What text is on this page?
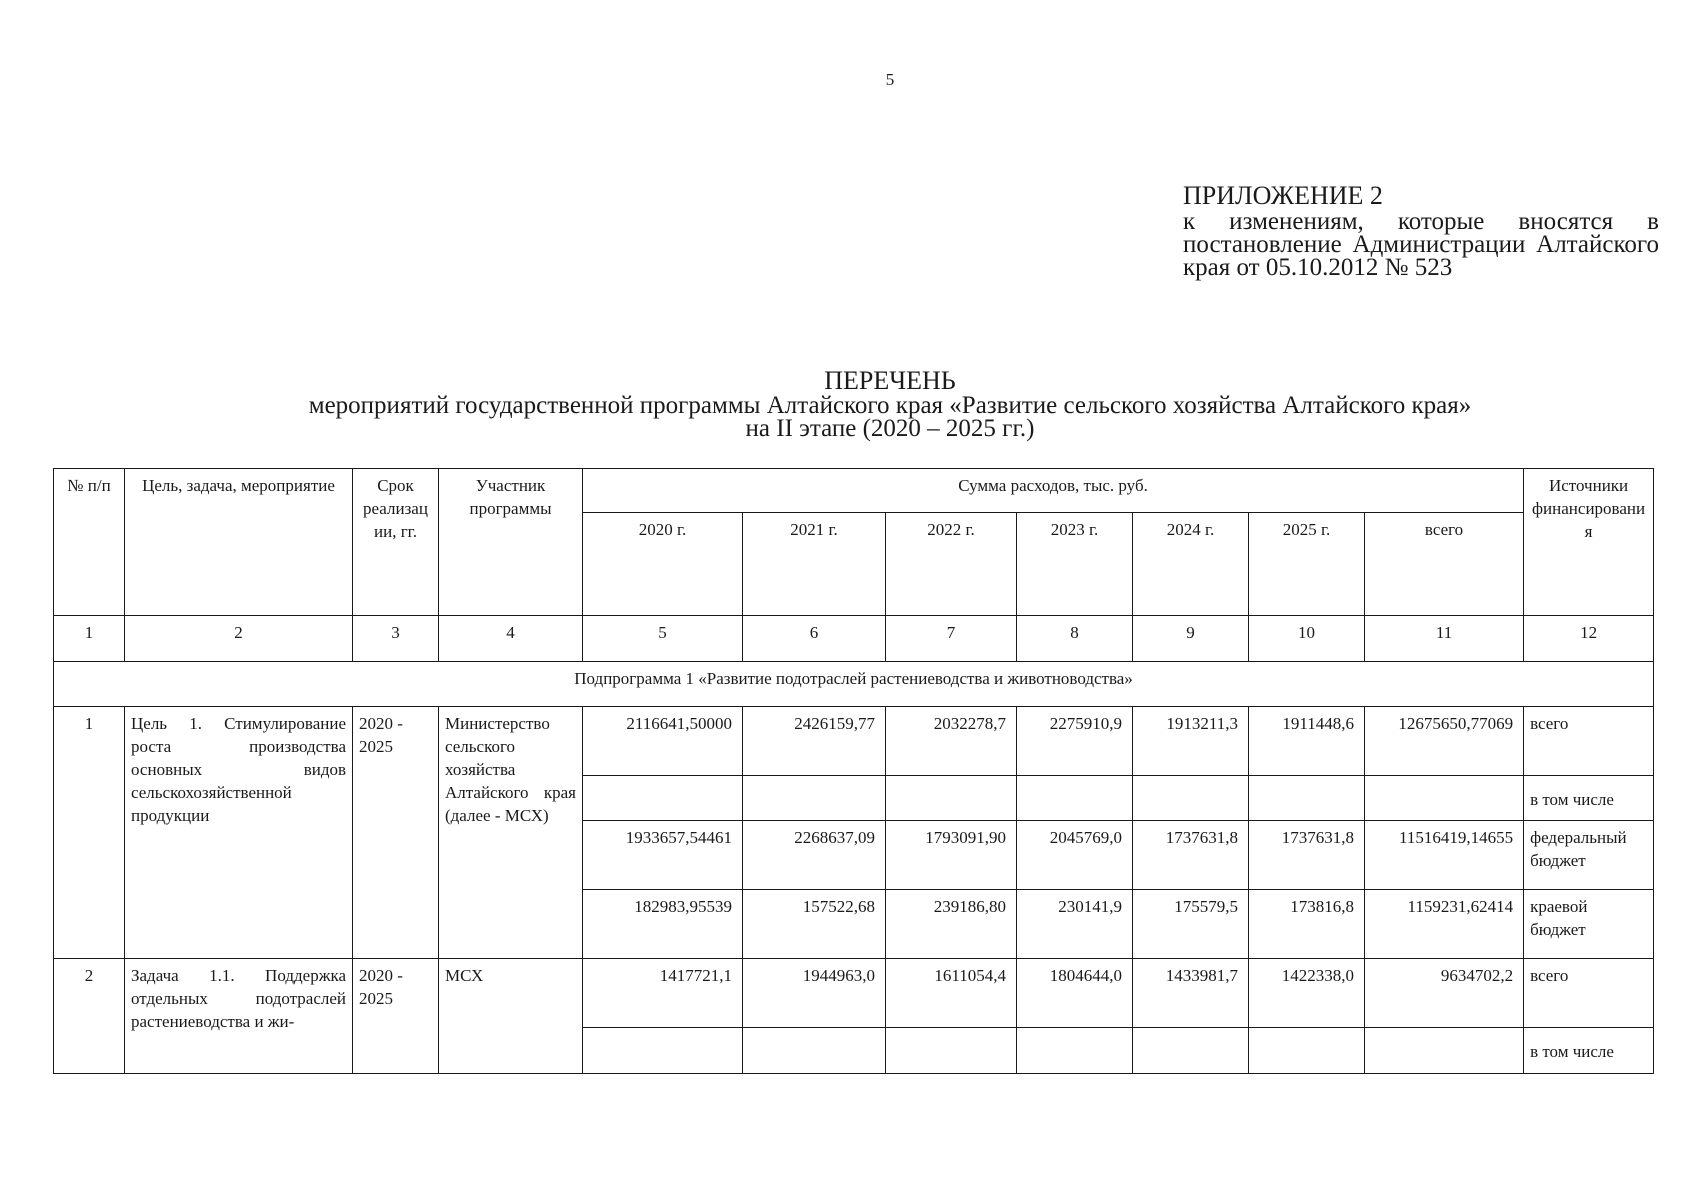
5
ПРИЛОЖЕНИЕ 2
к изменениям, которые вносятся в постановление Администрации Алтайского края от 05.10.2012 № 523
ПЕРЕЧЕНЬ
мероприятий государственной программы Алтайского края «Развитие сельского хозяйства Алтайского края»
на II этапе (2020 – 2025 гг.)
№ п/п	Цель, задача, мероприятие	Срок реализации, гг.	Участник программы	Сумма расходов, тыс. руб.							Источники финансирования
				2020 г.	2021 г.	2022 г.	2023 г.	2024 г.	2025 г.	всего	
1	2	3	4	5	6	7	8	9	10	11	12
Подпрограмма 1 «Развитие подотраслей растениеводства и животноводства»											
1	Цель 1. Стимулирование роста производства основных видов сельскохозяйственной продукции	2020 - 2025	Министерство сельского хозяйства Алтайского края (далее - МСХ)	2116641,50000	2426159,77	2032278,7	2275910,9	1913211,3	1911448,6	12675650,77069	всего
											в том числе
				1933657,54461	2268637,09	1793091,90	2045769,0	1737631,8	1737631,8	11516419,14655	федеральный бюджет
				182983,95539	157522,68	239186,80	230141,9	175579,5	173816,8	1159231,62414	краевой бюджет
2	Задача 1.1. Поддержка отдельных подотраслей растениеводства и жи-	2020 - 2025	МСХ	1417721,1	1944963,0	1611054,4	1804644,0	1433981,7	1422338,0	9634702,2	всего
											в том числе
